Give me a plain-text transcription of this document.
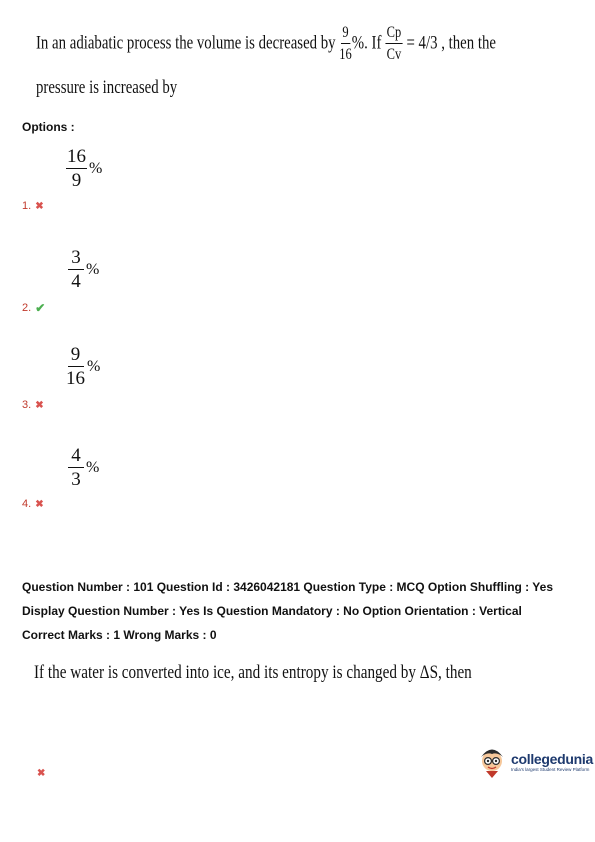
In an adiabatic process the volume is decreased by $\frac{9}{16}$ %. If $\frac{Cp}{Cv} = 4/3$ , then the
pressure is increased by
Options :
$\frac{16}{9}$ %
1. ✖
$\frac{3}{4}$ %
2. ✔
$\frac{9}{16}$ %
3. ✖
$\frac{4}{3}$ %
4. ✖
Question Number : 101 Question Id : 3426042181 Question Type : MCQ Option Shuffling : Yes
Display Question Number : Yes Is Question Mandatory : No Option Orientation : Vertical
Correct Marks : 1 Wrong Marks : 0
If the water is converted into ice, and its entropy is changed by ΔS, then
✖
collegedunia
India's largest Student Review Platform
